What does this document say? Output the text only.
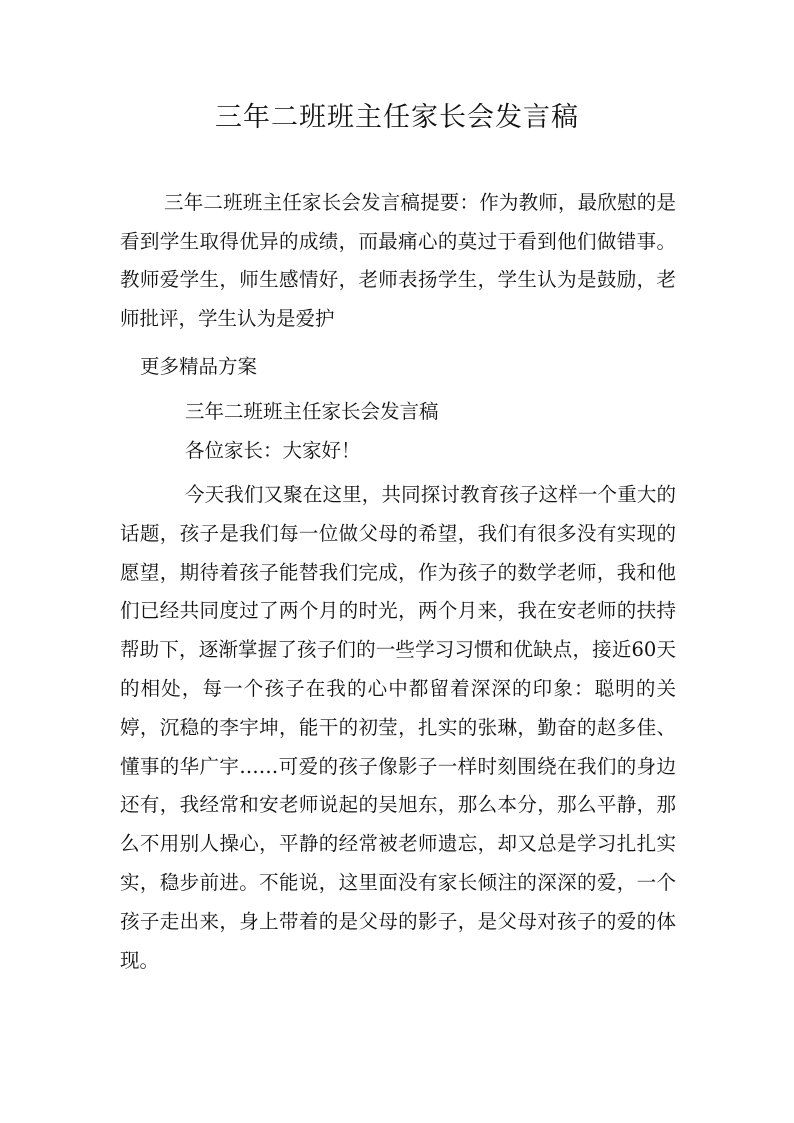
三年二班班主任家长会发言稿

三年二班班主任家长会发言稿提要：作为教师，最欣慰的是看到学生取得优异的成绩，而最痛心的莫过于看到他们做错事。教师爱学生，师生感情好，老师表扬学生，学生认为是鼓励，老师批评，学生认为是爱护

更多精品方案
三年二班班主任家长会发言稿
各位家长：大家好！

今天我们又聚在这里，共同探讨教育孩子这样一个重大的话题，孩子是我们每一位做父母的希望，我们有很多没有实现的愿望，期待着孩子能替我们完成，作为孩子的数学老师，我和他们已经共同度过了两个月的时光，两个月来，我在安老师的扶持帮助下，逐渐掌握了孩子们的一些学习习惯和优缺点，接近60天的相处，每一个孩子在我的心中都留着深深的印象：聪明的关婷，沉稳的李宇坤，能干的初莹，扎实的张琳，勤奋的赵多佳、懂事的华广宇……可爱的孩子像影子一样时刻围绕在我们的身边还有，我经常和安老师说起的吴旭东，那么本分，那么平静，那么不用别人操心，平静的经常被老师遗忘，却又总是学习扎扎实实，稳步前进。不能说，这里面没有家长倾注的深深的爱，一个孩子走出来，身上带着的是父母的影子，是父母对孩子的爱的体现。
